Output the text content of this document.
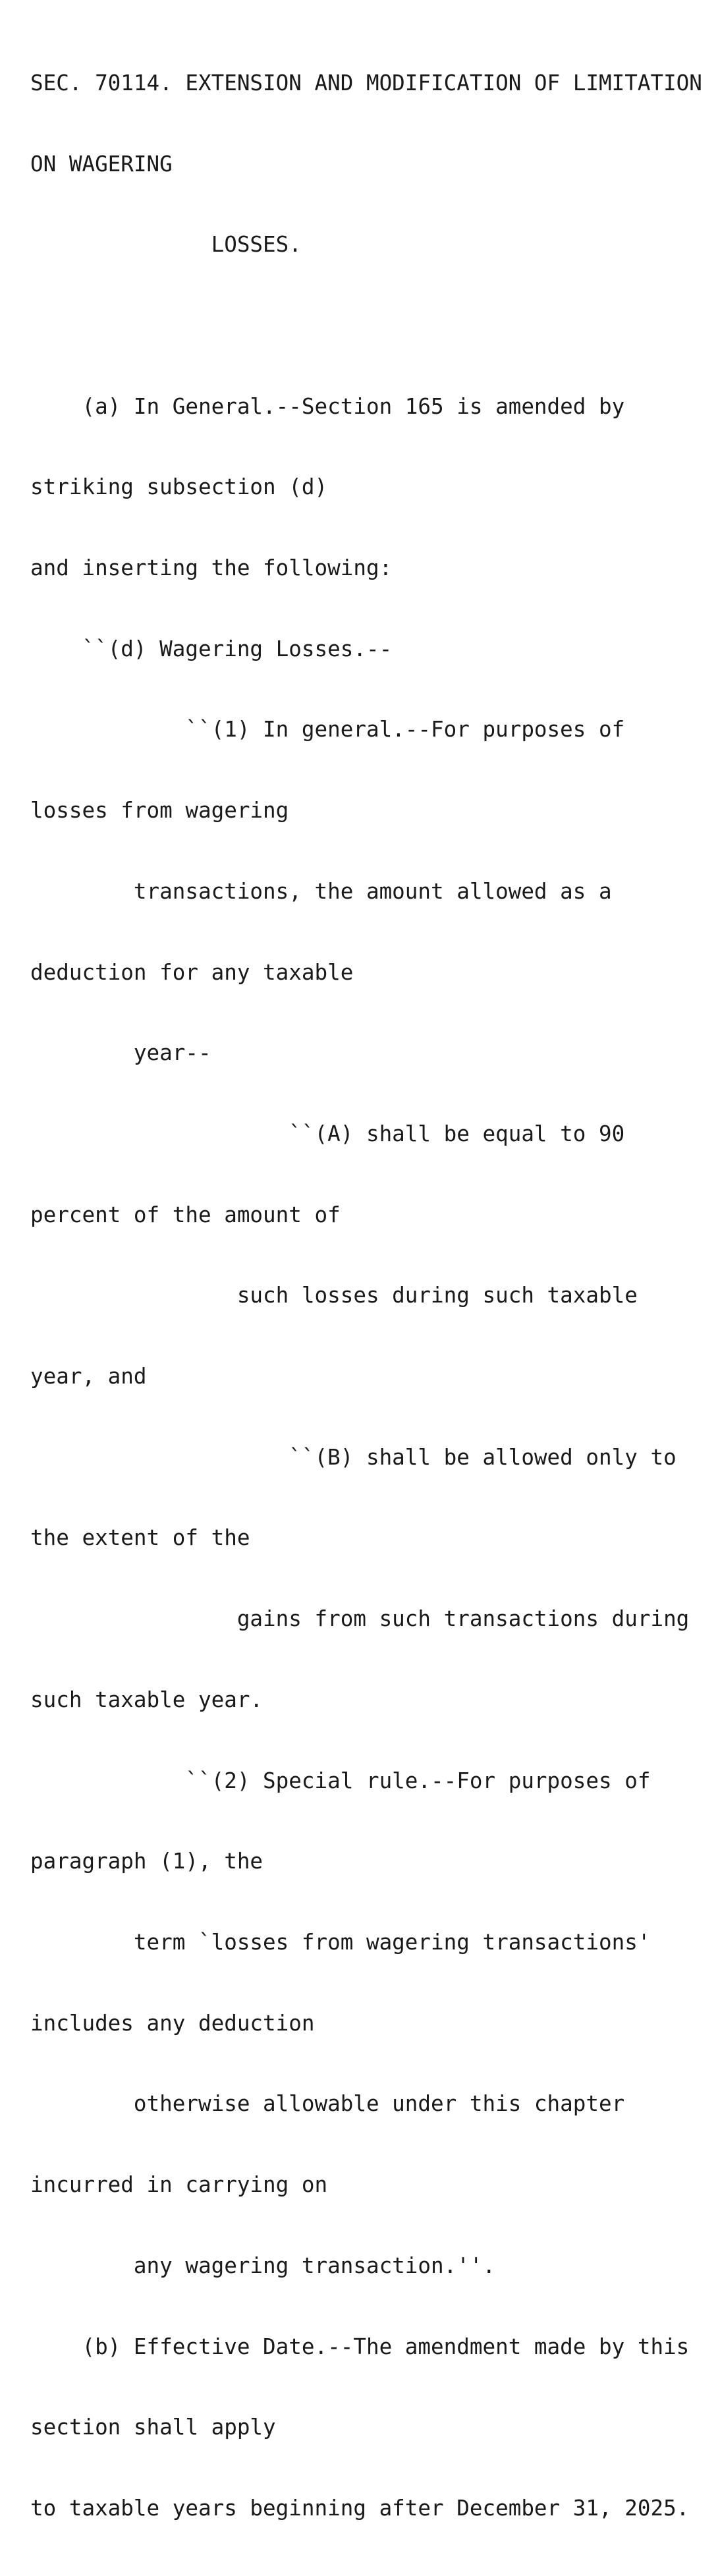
SEC. 70114. EXTENSION AND MODIFICATION OF LIMITATION

ON WAGERING

LOSSES.

(a) In General.--Section 165 is amended by

striking subsection (d)

and inserting the following:

``(d) Wagering Losses.--

``(1) In general.--For purposes of

losses from wagering

transactions, the amount allowed as a

deduction for any taxable

year--

``(A) shall be equal to 90

percent of the amount of

such losses during such taxable

year, and

``(B) shall be allowed only to

the extent of the

gains from such transactions during

such taxable year.

``(2) Special rule.--For purposes of

paragraph (1), the

term `losses from wagering transactions'

includes any deduction

otherwise allowable under this chapter

incurred in carrying on

any wagering transaction.''.

(b) Effective Date.--The amendment made by this

section shall apply

to taxable years beginning after December 31, 2025.
